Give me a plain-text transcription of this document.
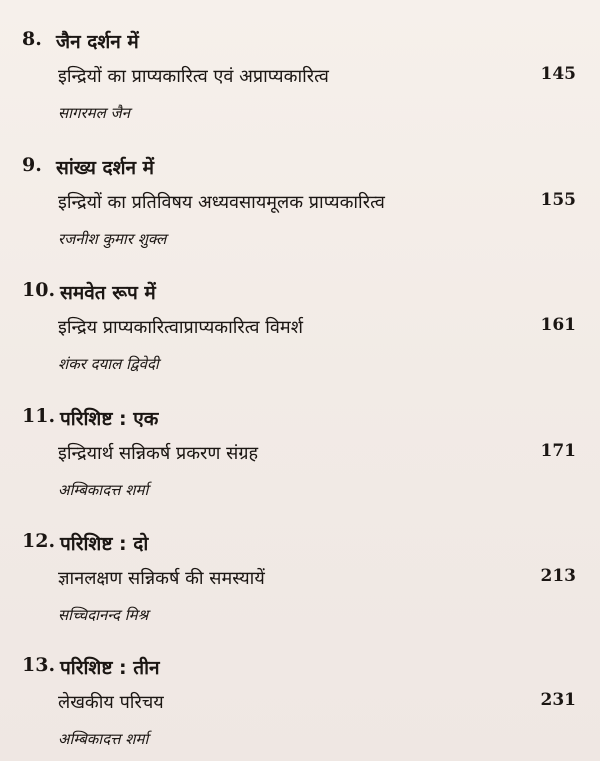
8. जैन दर्शन में
इन्द्रियों का प्राप्यकारित्व एवं अप्राप्यकारित्व	145
सागरमल जैन
9. सांख्य दर्शन में
इन्द्रियों का प्रतिविषय अध्यवसायमूलक प्राप्यकारित्व	155
रजनीश कुमार शुक्ल
10. समवेत रूप में
इन्द्रिय प्राप्यकारित्वाप्राप्यकारित्व विमर्श	161
शंकर दयाल द्विवेदी
11. परिशिष्ट : एक
इन्द्रियार्थ सन्निकर्ष प्रकरण संग्रह	171
अम्बिकादत्त शर्मा
12. परिशिष्ट : दो
ज्ञानलक्षण सन्निकर्ष की समस्यायें	213
सच्चिदानन्द मिश्र
13. परिशिष्ट : तीन
लेखकीय परिचय	231
अम्बिकादत्त शर्मा
